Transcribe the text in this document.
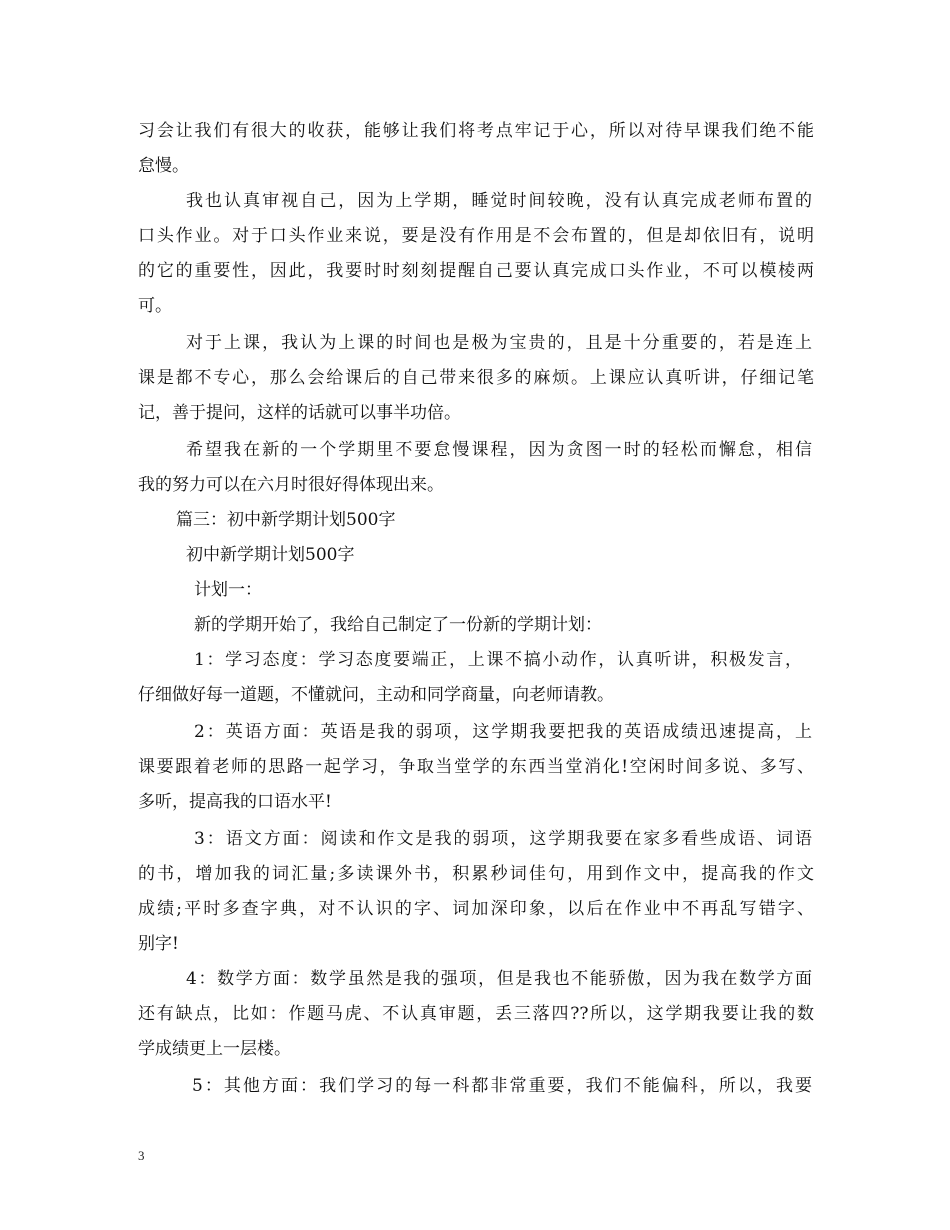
习会让我们有很大的收获，能够让我们将考点牢记于心，所以对待早课我们绝不能

怠慢。

我也认真审视自己，因为上学期，睡觉时间较晚，没有认真完成老师布置的

口头作业。对于口头作业来说，要是没有作用是不会布置的，但是却依旧有，说明

的它的重要性，因此，我要时时刻刻提醒自己要认真完成口头作业，不可以模棱两

可。

对于上课，我认为上课的时间也是极为宝贵的，且是十分重要的，若是连上

课是都不专心，那么会给课后的自己带来很多的麻烦。上课应认真听讲，仔细记笔

记，善于提问，这样的话就可以事半功倍。

希望我在新的一个学期里不要怠慢课程，因为贪图一时的轻松而懈怠，相信

我的努力可以在六月时很好得体现出来。

篇三：初中新学期计划500字

初中新学期计划500字

计划一：

新的学期开始了，我给自己制定了一份新的学期计划：

1：学习态度：学习态度要端正，上课不搞小动作，认真听讲，积极发言，

仔细做好每一道题，不懂就问，主动和同学商量，向老师请教。

2：英语方面：英语是我的弱项，这学期我要把我的英语成绩迅速提高，上

课要跟着老师的思路一起学习，争取当堂学的东西当堂消化!空闲时间多说、多写、

多听，提高我的口语水平!

3：语文方面：阅读和作文是我的弱项，这学期我要在家多看些成语、词语

的书，增加我的词汇量;多读课外书，积累秒词佳句，用到作文中，提高我的作文

成绩;平时多查字典，对不认识的字、词加深印象，以后在作业中不再乱写错字、

别字!

4：数学方面：数学虽然是我的强项，但是我也不能骄傲，因为我在数学方面

还有缺点，比如：作题马虎、不认真审题，丢三落四??所以，这学期我要让我的数

学成绩更上一层楼。

5：其他方面：我们学习的每一科都非常重要，我们不能偏科，所以，我要

3
